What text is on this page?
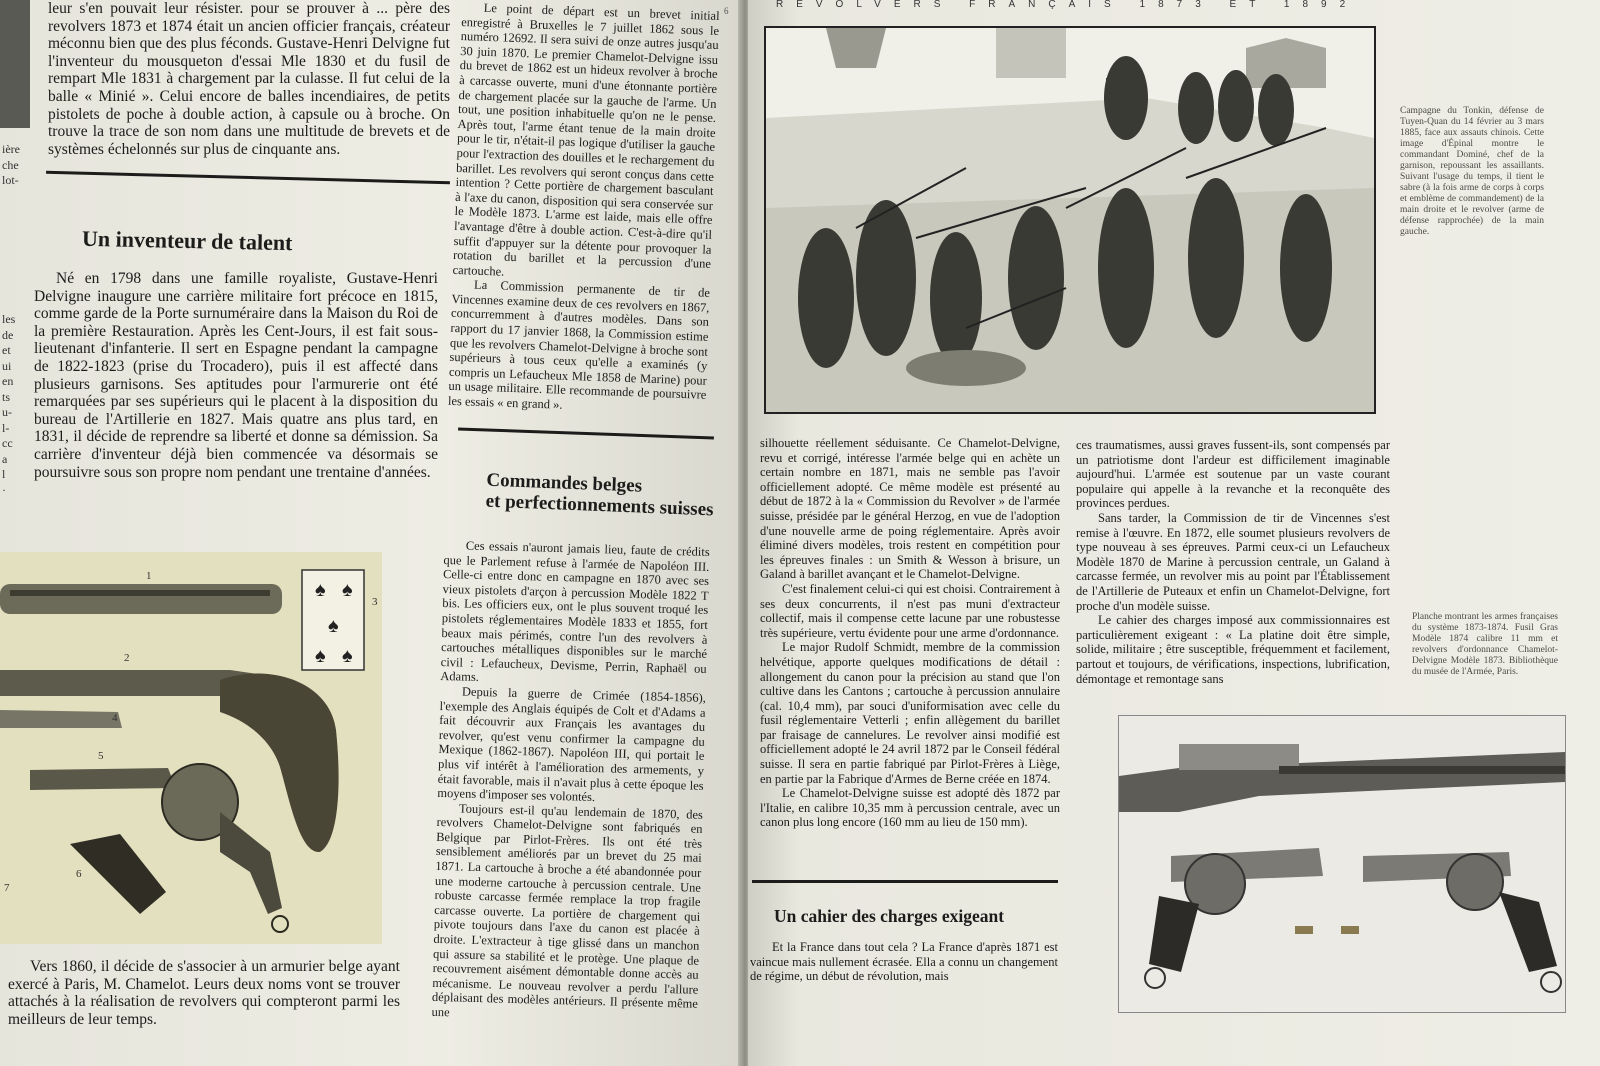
ière
che
lot-
les
de
et
ui
en
ts
u-
l-
cc
a
l
·

leur s'en pouvait leur résister. pour se prouver à ... père des revolvers 1873 et 1874 était un ancien officier français, créateur méconnu bien que des plus féconds. Gustave-Henri Delvigne fut l'inventeur du mousqueton d'essai Mle 1830 et du fusil de rempart Mle 1831 à chargement par la culasse. Il fut celui de la balle « Minié ». Celui encore de balles incendiaires, de petits pistolets de poche à double action, à capsule ou à broche. On trouve la trace de son nom dans une multitude de brevets et de systèmes échelonnés sur plus de cinquante ans.

Un inventeur de talent

Né en 1798 dans une famille royaliste, Gustave-Henri Delvigne inaugure une carrière militaire fort précoce en 1815, comme garde de la Porte surnuméraire dans la Maison du Roi de la première Restauration. Après les Cent-Jours, il est fait sous-lieutenant d'infanterie. Il sert en Espagne pendant la campagne de 1822-1823 (prise du Trocadero), puis il est affecté dans plusieurs garnisons. Ses aptitudes pour l'armurerie ont été remarquées par ses supérieurs qui le placent à la disposition du bureau de l'Artillerie en 1827. Mais quatre ans plus tard, en 1831, il décide de reprendre sa liberté et donne sa démission. Sa carrière d'inventeur déjà bien commencée va désormais se poursuivre sous son propre nom pendant une trentaine d'années.

♠ ♠
♠
♠ ♠
1
2
3
4
5
6
7

Vers 1860, il décide de s'associer à un armurier belge ayant exercé à Paris, M. Chamelot. Leurs deux noms vont se trouver attachés à la réalisation de revolvers qui compteront parmi les meilleurs de leur temps.

Le point de départ est un brevet initial enregistré à Bruxelles le 7 juillet 1862 sous le numéro 12692. Il sera suivi de onze autres jusqu'au 30 juin 1870. Le premier Chamelot-Delvigne issu du brevet de 1862 est un hideux revolver à broche à carcasse ouverte, muni d'une étonnante portière de chargement placée sur la gauche de l'arme. Un tout, une position inhabituelle qu'on ne le pense. Après tout, l'arme étant tenue de la main droite pour le tir, n'était-il pas logique d'utiliser la gauche pour l'extraction des douilles et le rechargement du barillet. Les revolvers qui seront conçus dans cette intention ? Cette portière de chargement basculant à l'axe du canon, disposition qui sera conservée sur le Modèle 1873. L'arme est laide, mais elle offre l'avantage d'être à double action. C'est-à-dire qu'il suffit d'appuyer sur la détente pour provoquer la rotation du barillet et la percussion d'une cartouche.

La Commission permanente de tir de Vincennes examine deux de ces revolvers en 1867, concurremment à d'autres modèles. Dans son rapport du 17 janvier 1868, la Commission estime que les revolvers Chamelot-Delvigne à broche sont supérieurs à tous ceux qu'elle a examinés (y compris un Lefaucheux Mle 1858 de Marine) pour un usage militaire. Elle recommande de poursuivre les essais « en grand ».

Commandes belges
et perfectionnements suisses

Ces essais n'auront jamais lieu, faute de crédits que le Parlement refuse à l'armée de Napoléon III. Celle-ci entre donc en campagne en 1870 avec ses vieux pistolets d'arçon à percussion Modèle 1822 T bis. Les officiers eux, ont le plus souvent troqué les pistolets réglementaires Modèle 1833 et 1855, fort beaux mais périmés, contre l'un des revolvers à cartouches métalliques disponibles sur le marché civil : Lefaucheux, Devisme, Perrin, Raphaël ou Adams.

Depuis la guerre de Crimée (1854-1856), l'exemple des Anglais équipés de Colt et d'Adams a fait découvrir aux Français les avantages du revolver, qu'est venu confirmer la campagne du Mexique (1862-1867). Napoléon III, qui portait le plus vif intérêt à l'amélioration des armements, y était favorable, mais il n'avait plus à cette époque les moyens d'imposer ses volontés.

Toujours est-il qu'au lendemain de 1870, des revolvers Chamelot-Delvigne sont fabriqués en Belgique par Pirlot-Frères. Ils ont été très sensiblement améliorés par un brevet du 25 mai 1871. La cartouche à broche a été abandonnée pour une moderne cartouche à percussion centrale. Une robuste carcasse fermée remplace la trop fragile carcasse ouverte. La portière de chargement qui pivote toujours dans l'axe du canon est placée à droite. L'extracteur à tige glissé dans un manchon qui assure sa stabilité et le protège. Une plaque de recouvrement aisément démontable donne accès au mécanisme. Le nouveau revolver a perdu l'allure déplaisant des modèles antérieurs. Il présente même une

REVOLVERS FRANÇAIS 1873 ET 1892
Campagne du Tonkin, défense de Tuyen-Quan du 14 février au 3 mars 1885, face aux assauts chinois. Cette image d'Épinal montre le commandant Dominé, chef de la garnison, repoussant les assaillants. Suivant l'usage du temps, il tient le sabre (à la fois arme de corps à corps et emblème de commandement) de la main droite et le revolver (arme de défense rapprochée) de la main gauche.

silhouette réellement séduisante. Ce Chamelot-Delvigne, revu et corrigé, intéresse l'armée belge qui en achète un certain nombre en 1871, mais ne semble pas l'avoir officiellement adopté. Ce même modèle est présenté au début de 1872 à la « Commission du Revolver » de l'armée suisse, présidée par le général Herzog, en vue de l'adoption d'une nouvelle arme de poing réglementaire. Après avoir éliminé divers modèles, trois restent en compétition pour les épreuves finales : un Smith & Wesson à brisure, un Galand à barillet avançant et le Chamelot-Delvigne.

C'est finalement celui-ci qui est choisi. Contrairement à ses deux concurrents, il n'est pas muni d'extracteur collectif, mais il compense cette lacune par une robustesse très supérieure, vertu évidente pour une arme d'ordonnance.

Le major Rudolf Schmidt, membre de la commission helvétique, apporte quelques modifications de détail : allongement du canon pour la précision au stand que l'on cultive dans les Cantons ; cartouche à percussion annulaire (cal. 10,4 mm), par souci d'uniformisation avec celle du fusil réglementaire Vetterli ; enfin allègement du barillet par fraisage de cannelures. Le revolver ainsi modifié est officiellement adopté le 24 avril 1872 par le Conseil fédéral suisse. Il sera en partie fabriqué par Pirlot-Frères à Liège, en partie par la Fabrique d'Armes de Berne créée en 1874.

Le Chamelot-Delvigne suisse est adopté dès 1872 par l'Italie, en calibre 10,35 mm à percussion centrale, avec un canon plus long encore (160 mm au lieu de 150 mm).

Un cahier des charges exigeant

Et la France dans tout cela ? La France d'après 1871 est vaincue mais nullement écrasée. Ella a connu un changement de régime, un début de révolution, mais

ces traumatismes, aussi graves fussent-ils, sont compensés par un patriotisme dont l'ardeur est difficilement imaginable aujourd'hui. L'armée est soutenue par un vaste courant populaire qui appelle à la revanche et la reconquête des provinces perdues.

Sans tarder, la Commission de tir de Vincennes s'est remise à l'œuvre. En 1872, elle soumet plusieurs revolvers de type nouveau à ses épreuves. Parmi ceux-ci un Lefaucheux Modèle 1870 de Marine à percussion centrale, un Galand à carcasse fermée, un revolver mis au point par l'Établissement de l'Artillerie de Puteaux et enfin un Chamelot-Delvigne, fort proche d'un modèle suisse.

Le cahier des charges imposé aux commissionnaires est particulièrement exigeant : « La platine doit être simple, solide, militaire ; être susceptible, fréquemment et facilement, partout et toujours, de vérifications, inspections, lubrification, démontage et remontage sans

Planche montrant les armes françaises du système 1873-1874. Fusil Gras Modèle 1874 calibre 11 mm et revolvers d'ordonnance Chamelot-Delvigne Modèle 1873. Bibliothèque du musée de l'Armée, Paris.
6
